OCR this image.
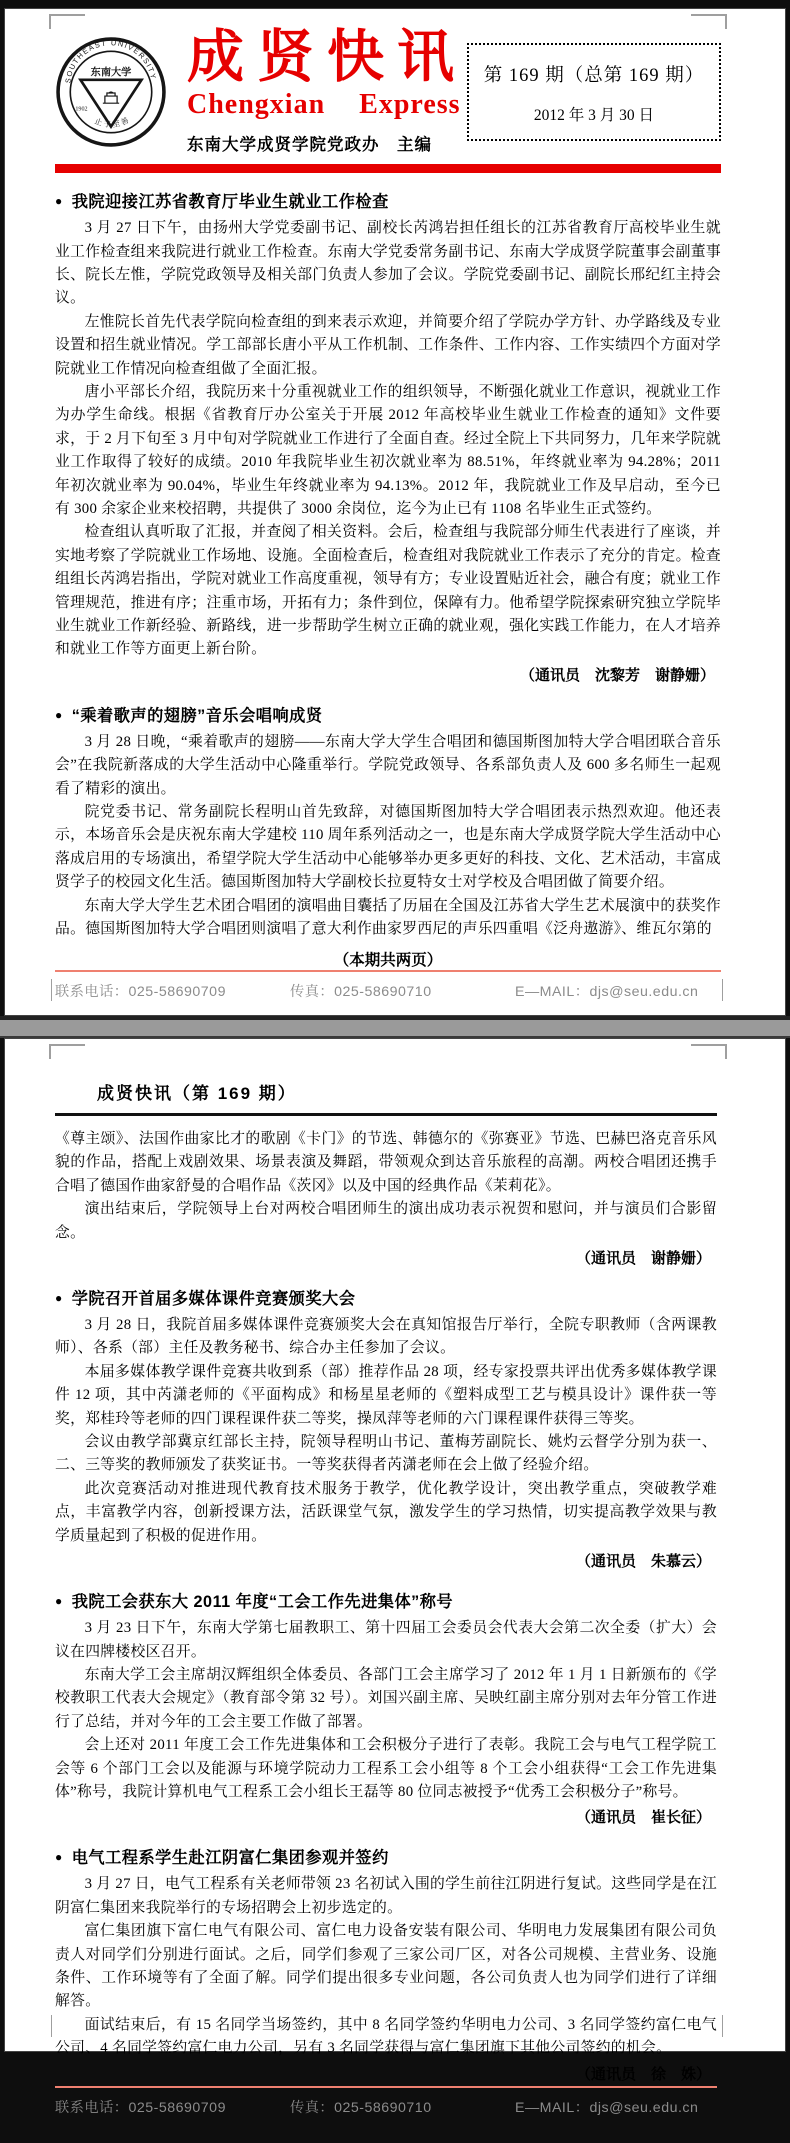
SOUTHEAST UNIVERSITY
止于至善
东南大学
1902
成贤快讯
Chengxian Express
东南大学成贤学院党政办　主编
第 169 期（总第 169 期）
2012 年 3 月 30 日
● 我院迎接江苏省教育厅毕业生就业工作检查

3 月 27 日下午，由扬州大学党委副书记、副校长芮鸿岩担任组长的江苏省教育厅高校毕业生就业工作检查组来我院进行就业工作检查。东南大学党委常务副书记、东南大学成贤学院董事会副董事长、院长左惟，学院党政领导及相关部门负责人参加了会议。学院党委副书记、副院长邢纪红主持会议。

左惟院长首先代表学院向检查组的到来表示欢迎，并简要介绍了学院办学方针、办学路线及专业设置和招生就业情况。学工部部长唐小平从工作机制、工作条件、工作内容、工作实绩四个方面对学院就业工作情况向检查组做了全面汇报。

唐小平部长介绍，我院历来十分重视就业工作的组织领导，不断强化就业工作意识，视就业工作为办学生命线。根据《省教育厅办公室关于开展 2012 年高校毕业生就业工作检查的通知》文件要求，于 2 月下旬至 3 月中旬对学院就业工作进行了全面自查。经过全院上下共同努力，几年来学院就业工作取得了较好的成绩。2010 年我院毕业生初次就业率为 88.51%，年终就业率为 94.28%；2011 年初次就业率为 90.04%，毕业生年终就业率为 94.13%。2012 年，我院就业工作及早启动，至今已有 300 余家企业来校招聘，共提供了 3000 余岗位，迄今为止已有 1108 名毕业生正式签约。

检查组认真听取了汇报，并查阅了相关资料。会后，检查组与我院部分师生代表进行了座谈，并实地考察了学院就业工作场地、设施。全面检查后，检查组对我院就业工作表示了充分的肯定。检查组组长芮鸿岩指出，学院对就业工作高度重视，领导有方；专业设置贴近社会，融合有度；就业工作管理规范，推进有序；注重市场，开拓有力；条件到位，保障有力。他希望学院探索研究独立学院毕业生就业工作新经验、新路线，进一步帮助学生树立正确的就业观，强化实践工作能力，在人才培养和就业工作等方面更上新台阶。

（通讯员　沈黎芳　谢静姗）
● “乘着歌声的翅膀”音乐会唱响成贤

3 月 28 日晚，“乘着歌声的翅膀——东南大学大学生合唱团和德国斯图加特大学合唱团联合音乐会”在我院新落成的大学生活动中心隆重举行。学院党政领导、各系部负责人及 600 多名师生一起观看了精彩的演出。

院党委书记、常务副院长程明山首先致辞，对德国斯图加特大学合唱团表示热烈欢迎。他还表示，本场音乐会是庆祝东南大学建校 110 周年系列活动之一，也是东南大学成贤学院大学生活动中心落成启用的专场演出，希望学院大学生活动中心能够举办更多更好的科技、文化、艺术活动，丰富成贤学子的校园文化生活。德国斯图加特大学副校长拉夏特女士对学校及合唱团做了简要介绍。

东南大学大学生艺术团合唱团的演唱曲目囊括了历届在全国及江苏省大学生艺术展演中的获奖作品。德国斯图加特大学合唱团则演唱了意大利作曲家罗西尼的声乐四重唱《泛舟遨游》、维瓦尔第的

（本期共两页）
联系电话：025-58690709	传真：025-58690710	E—MAIL：djs@seu.edu.cn
成贤快讯（第 169 期）

《尊主颂》、法国作曲家比才的歌剧《卡门》的节选、韩德尔的《弥赛亚》节选、巴赫巴洛克音乐风貌的作品，搭配上戏剧效果、场景表演及舞蹈，带领观众到达音乐旅程的高潮。两校合唱团还携手合唱了德国作曲家舒曼的合唱作品《茨冈》以及中国的经典作品《茉莉花》。

演出结束后，学院领导上台对两校合唱团师生的演出成功表示祝贺和慰问，并与演员们合影留念。

（通讯员　谢静姗）
● 学院召开首届多媒体课件竞赛颁奖大会

3 月 28 日，我院首届多媒体课件竞赛颁奖大会在真知馆报告厅举行，全院专职教师（含两课教师）、各系（部）主任及教务秘书、综合办主任参加了会议。

本届多媒体教学课件竞赛共收到系（部）推荐作品 28 项，经专家投票共评出优秀多媒体教学课件 12 项，其中芮潇老师的《平面构成》和杨星星老师的《塑料成型工艺与模具设计》课件获一等奖，郑桂玲等老师的四门课程课件获二等奖，操凤萍等老师的六门课程课件获得三等奖。

会议由教学部冀京红部长主持，院领导程明山书记、董梅芳副院长、姚灼云督学分别为获一、二、三等奖的教师颁发了获奖证书。一等奖获得者芮潇老师在会上做了经验介绍。

此次竞赛活动对推进现代教育技术服务于教学，优化教学设计，突出教学重点，突破教学难点，丰富教学内容，创新授课方法，活跃课堂气氛，激发学生的学习热情，切实提高教学效果与教学质量起到了积极的促进作用。

（通讯员　朱慕云）
● 我院工会获东大 2011 年度“工会工作先进集体”称号

3 月 23 日下午，东南大学第七届教职工、第十四届工会委员会代表大会第二次全委（扩大）会议在四牌楼校区召开。

东南大学工会主席胡汉辉组织全体委员、各部门工会主席学习了 2012 年 1 月 1 日新颁布的《学校教职工代表大会规定》（教育部令第 32 号）。刘国兴副主席、吴映红副主席分别对去年分管工作进行了总结，并对今年的工会主要工作做了部署。

会上还对 2011 年度工会工作先进集体和工会积极分子进行了表彰。我院工会与电气工程学院工会等 6 个部门工会以及能源与环境学院动力工程系工会小组等 8 个工会小组获得“工会工作先进集体”称号，我院计算机电气工程系工会小组长王磊等 80 位同志被授予“优秀工会积极分子”称号。

（通讯员　崔长征）
● 电气工程系学生赴江阴富仁集团参观并签约

3 月 27 日，电气工程系有关老师带领 23 名初试入围的学生前往江阴进行复试。这些同学是在江阴富仁集团来我院举行的专场招聘会上初步选定的。

富仁集团旗下富仁电气有限公司、富仁电力设备安装有限公司、华明电力发展集团有限公司负责人对同学们分别进行面试。之后，同学们参观了三家公司厂区，对各公司规模、主营业务、设施条件、工作环境等有了全面了解。同学们提出很多专业问题，各公司负责人也为同学们进行了详细解答。

面试结束后，有 15 名同学当场签约，其中 8 名同学签约华明电力公司、3 名同学签约富仁电气公司、4 名同学签约富仁电力公司，另有 3 名同学获得与富仁集团旗下其他公司签约的机会。

（通讯员　徐　姝）
联系电话：025-58690709	传真：025-58690710	E—MAIL：djs@seu.edu.cn
